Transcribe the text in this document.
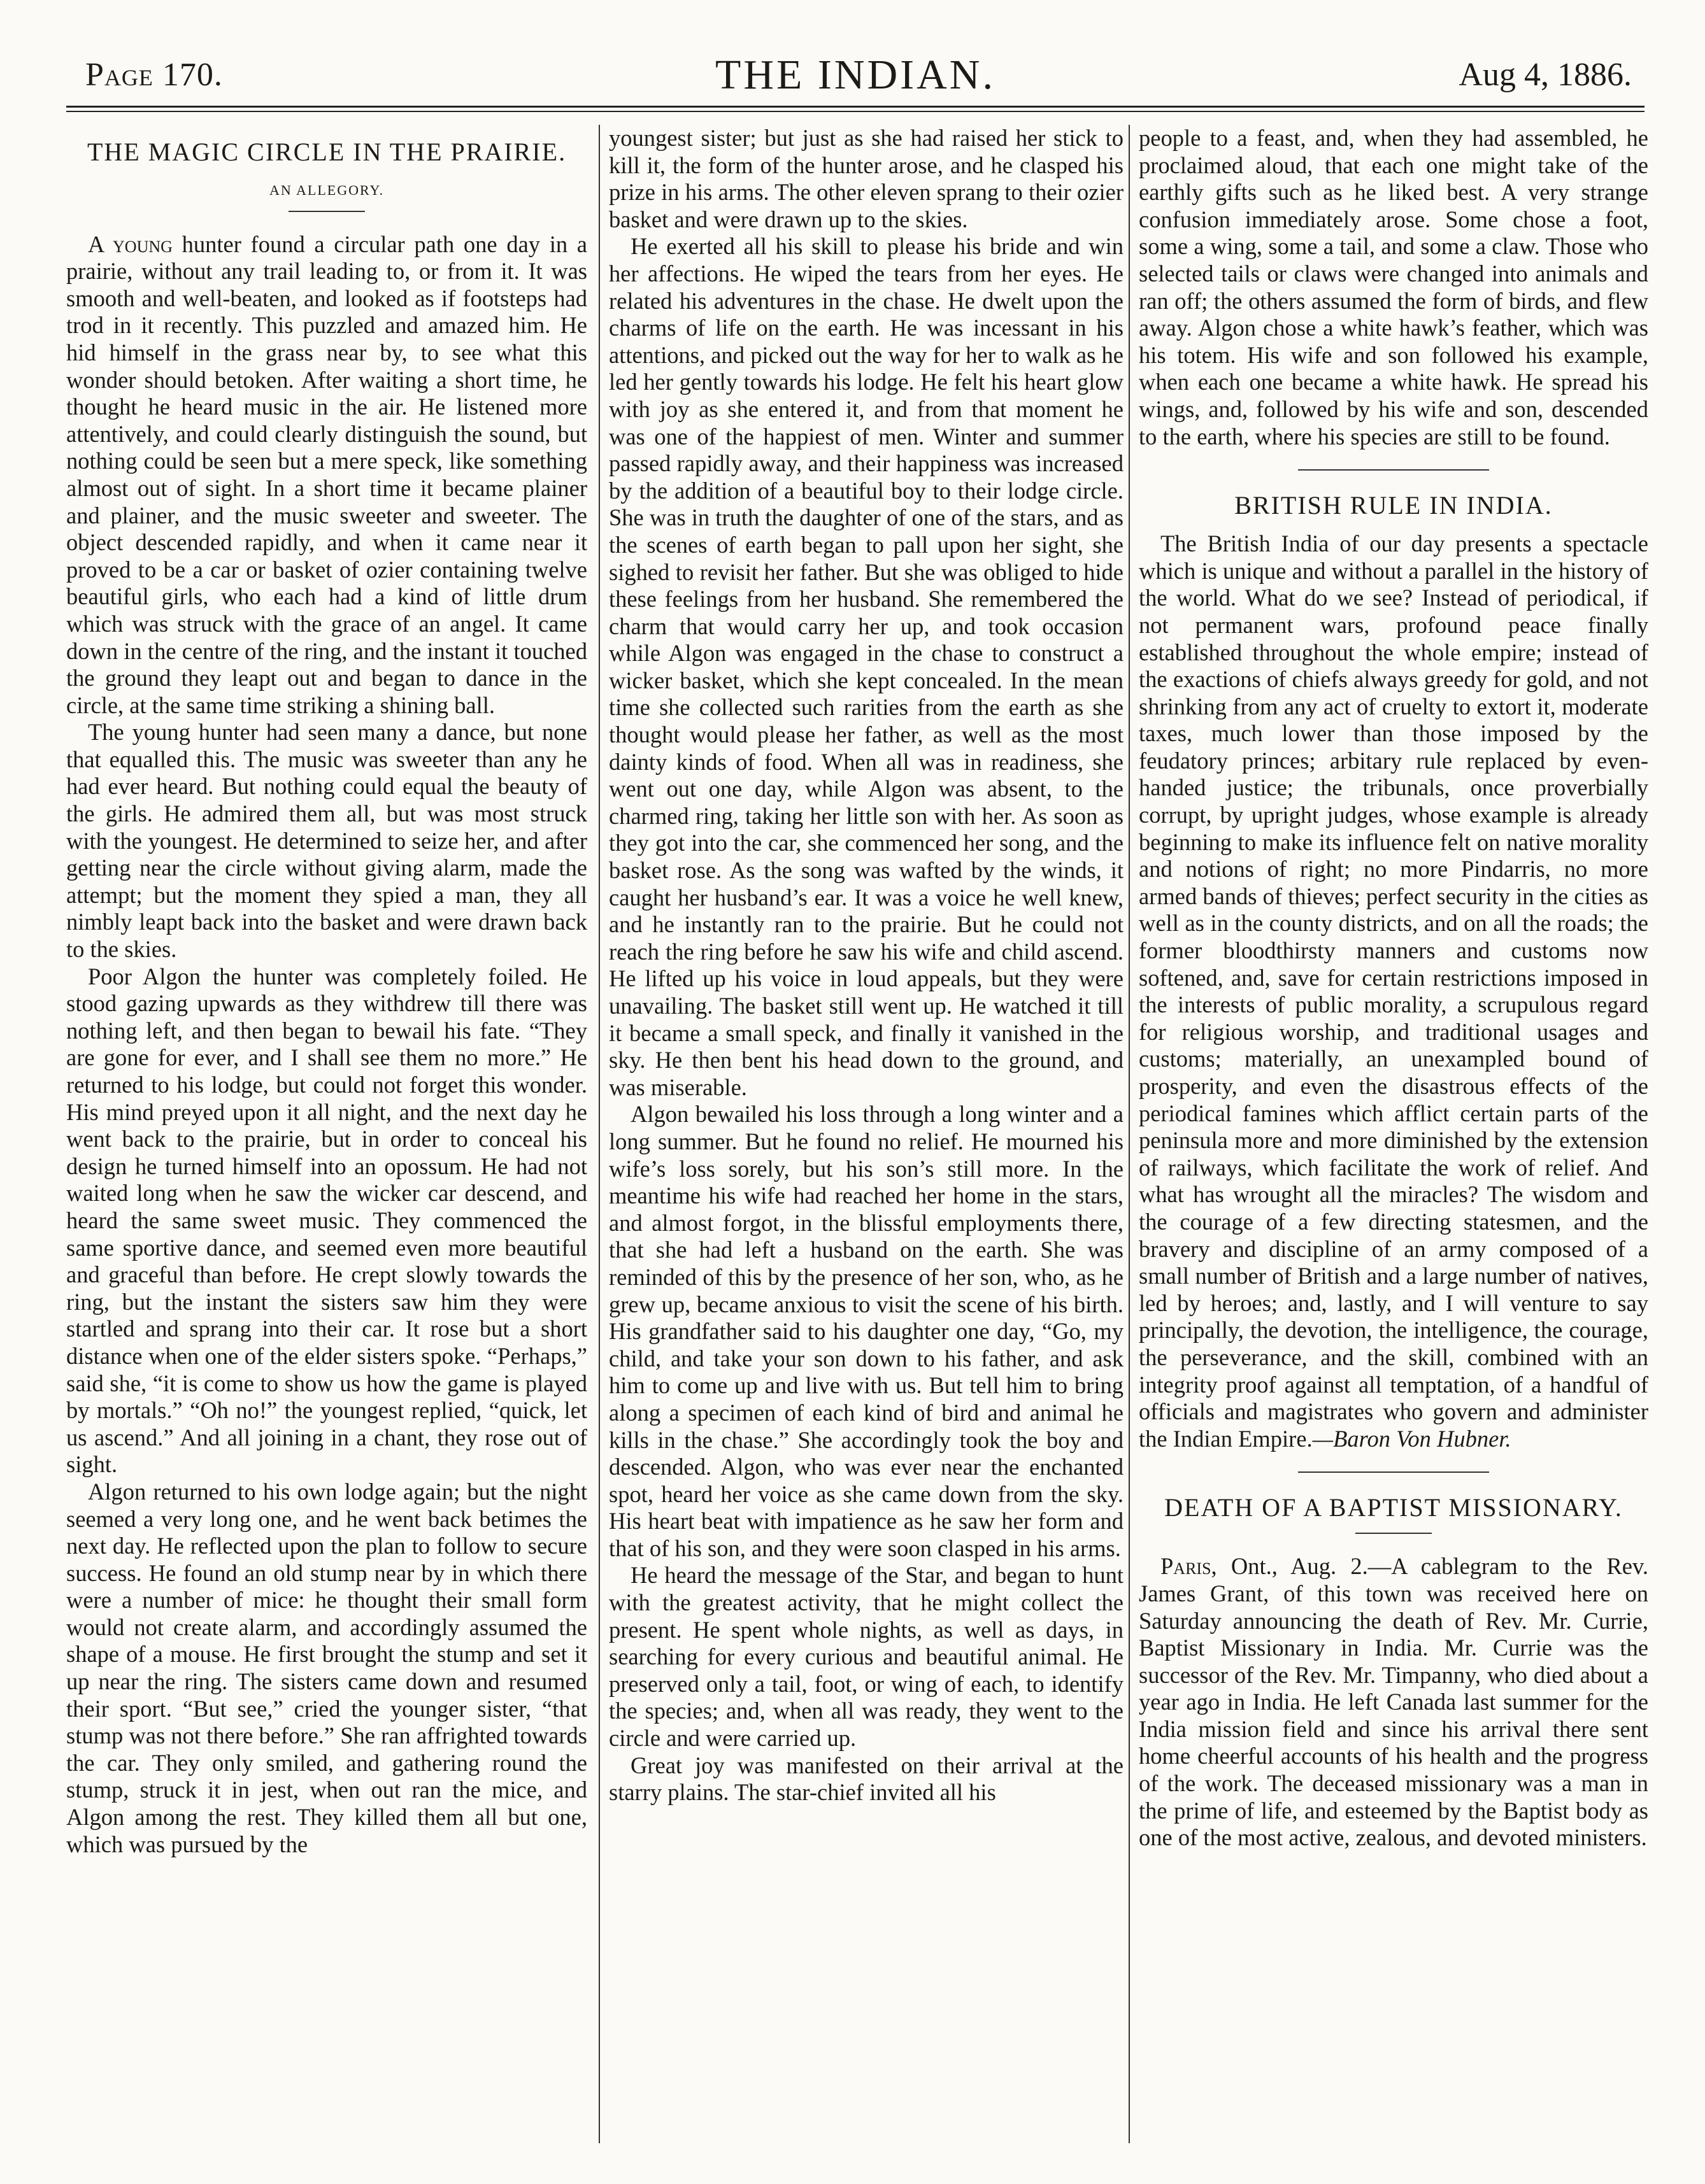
Page 170.	THE INDIAN.	Aug 4, 1886.
THE MAGIC CIRCLE IN THE PRAIRIE.
AN ALLEGORY.

A young hunter found a circular path one day in a prairie, without any trail leading to, or from it. It was smooth and well-beaten, and looked as if footsteps had trod in it recently. This puzzled and amazed him. He hid himself in the grass near by, to see what this wonder should betoken. After waiting a short time, he thought he heard music in the air. He listened more attentively, and could clearly distinguish the sound, but nothing could be seen but a mere speck, like something almost out of sight. In a short time it became plainer and plainer, and the music sweeter and sweeter. The object descended rapidly, and when it came near it proved to be a car or basket of ozier containing twelve beautiful girls, who each had a kind of little drum which was struck with the grace of an angel. It came down in the centre of the ring, and the instant it touched the ground they leapt out and began to dance in the circle, at the same time striking a shining ball.

The young hunter had seen many a dance, but none that equalled this. The music was sweeter than any he had ever heard. But nothing could equal the beauty of the girls. He admired them all, but was most struck with the youngest. He determined to seize her, and after getting near the circle without giving alarm, made the attempt; but the moment they spied a man, they all nimbly leapt back into the basket and were drawn back to the skies.

Poor Algon the hunter was completely foiled. He stood gazing upwards as they withdrew till there was nothing left, and then began to bewail his fate. “They are gone for ever, and I shall see them no more.” He returned to his lodge, but could not forget this wonder. His mind preyed upon it all night, and the next day he went back to the prairie, but in order to conceal his design he turned himself into an opossum. He had not waited long when he saw the wicker car descend, and heard the same sweet music. They commenced the same sportive dance, and seemed even more beautiful and graceful than before. He crept slowly towards the ring, but the instant the sisters saw him they were startled and sprang into their car. It rose but a short distance when one of the elder sisters spoke. “Perhaps,” said she, “it is come to show us how the game is played by mortals.” “Oh no!” the youngest replied, “quick, let us ascend.” And all joining in a chant, they rose out of sight.

Algon returned to his own lodge again; but the night seemed a very long one, and he went back betimes the next day. He reflected upon the plan to follow to secure success. He found an old stump near by in which there were a number of mice: he thought their small form would not create alarm, and accordingly assumed the shape of a mouse. He first brought the stump and set it up near the ring. The sisters came down and resumed their sport. “But see,” cried the younger sister, “that stump was not there before.” She ran affrighted towards the car. They only smiled, and gathering round the stump, struck it in jest, when out ran the mice, and Algon among the rest. They killed them all but one, which was pursued by the

youngest sister; but just as she had raised her stick to kill it, the form of the hunter arose, and he clasped his prize in his arms. The other eleven sprang to their ozier basket and were drawn up to the skies.

He exerted all his skill to please his bride and win her affections. He wiped the tears from her eyes. He related his adventures in the chase. He dwelt upon the charms of life on the earth. He was incessant in his attentions, and picked out the way for her to walk as he led her gently towards his lodge. He felt his heart glow with joy as she entered it, and from that moment he was one of the happiest of men. Winter and summer passed rapidly away, and their happiness was increased by the addition of a beautiful boy to their lodge circle. She was in truth the daughter of one of the stars, and as the scenes of earth began to pall upon her sight, she sighed to revisit her father. But she was obliged to hide these feelings from her husband. She remembered the charm that would carry her up, and took occasion while Algon was engaged in the chase to construct a wicker basket, which she kept concealed. In the mean time she collected such rarities from the earth as she thought would please her father, as well as the most dainty kinds of food. When all was in readiness, she went out one day, while Algon was absent, to the charmed ring, taking her little son with her. As soon as they got into the car, she commenced her song, and the basket rose. As the song was wafted by the winds, it caught her husband’s ear. It was a voice he well knew, and he instantly ran to the prairie. But he could not reach the ring before he saw his wife and child ascend. He lifted up his voice in loud appeals, but they were unavailing. The basket still went up. He watched it till it became a small speck, and finally it vanished in the sky. He then bent his head down to the ground, and was miserable.

Algon bewailed his loss through a long winter and a long summer. But he found no relief. He mourned his wife’s loss sorely, but his son’s still more. In the meantime his wife had reached her home in the stars, and almost forgot, in the blissful employments there, that she had left a husband on the earth. She was reminded of this by the presence of her son, who, as he grew up, became anxious to visit the scene of his birth. His grandfather said to his daughter one day, “Go, my child, and take your son down to his father, and ask him to come up and live with us. But tell him to bring along a specimen of each kind of bird and animal he kills in the chase.” She accordingly took the boy and descended. Algon, who was ever near the enchanted spot, heard her voice as she came down from the sky. His heart beat with impatience as he saw her form and that of his son, and they were soon clasped in his arms.

He heard the message of the Star, and began to hunt with the greatest activity, that he might collect the present. He spent whole nights, as well as days, in searching for every curious and beautiful animal. He preserved only a tail, foot, or wing of each, to identify the species; and, when all was ready, they went to the circle and were carried up.

Great joy was manifested on their arrival at the starry plains. The star-chief invited all his

people to a feast, and, when they had assembled, he proclaimed aloud, that each one might take of the earthly gifts such as he liked best. A very strange confusion immediately arose. Some chose a foot, some a wing, some a tail, and some a claw. Those who selected tails or claws were changed into animals and ran off; the others assumed the form of birds, and flew away. Algon chose a white hawk’s feather, which was his totem. His wife and son followed his example, when each one became a white hawk. He spread his wings, and, followed by his wife and son, descended to the earth, where his species are still to be found.

BRITISH RULE IN INDIA.

The British India of our day presents a spectacle which is unique and without a parallel in the history of the world. What do we see? Instead of periodical, if not permanent wars, profound peace finally established throughout the whole empire; instead of the exactions of chiefs always greedy for gold, and not shrinking from any act of cruelty to extort it, moderate taxes, much lower than those imposed by the feudatory princes; arbitary rule replaced by even-handed justice; the tribunals, once proverbially corrupt, by upright judges, whose example is already beginning to make its influence felt on native morality and notions of right; no more Pindarris, no more armed bands of thieves; perfect security in the cities as well as in the county districts, and on all the roads; the former bloodthirsty manners and customs now softened, and, save for certain restrictions imposed in the interests of public morality, a scrupulous regard for religious worship, and traditional usages and customs; materially, an unexampled bound of prosperity, and even the disastrous effects of the periodical famines which afflict certain parts of the peninsula more and more diminished by the extension of railways, which facilitate the work of relief. And what has wrought all the miracles? The wisdom and the courage of a few directing statesmen, and the bravery and discipline of an army composed of a small number of British and a large number of natives, led by heroes; and, lastly, and I will venture to say principally, the devotion, the intelligence, the courage, the perseverance, and the skill, combined with an integrity proof against all temptation, of a handful of officials and magistrates who govern and administer the Indian Empire.—Baron Von Hubner.

DEATH OF A BAPTIST MISSIONARY.

Paris, Ont., Aug. 2.—A cablegram to the Rev. James Grant, of this town was received here on Saturday announcing the death of Rev. Mr. Currie, Baptist Missionary in India. Mr. Currie was the successor of the Rev. Mr. Timpanny, who died about a year ago in India. He left Canada last summer for the India mission field and since his arrival there sent home cheerful accounts of his health and the progress of the work. The deceased missionary was a man in the prime of life, and esteemed by the Baptist body as one of the most active, zealous, and devoted ministers.
